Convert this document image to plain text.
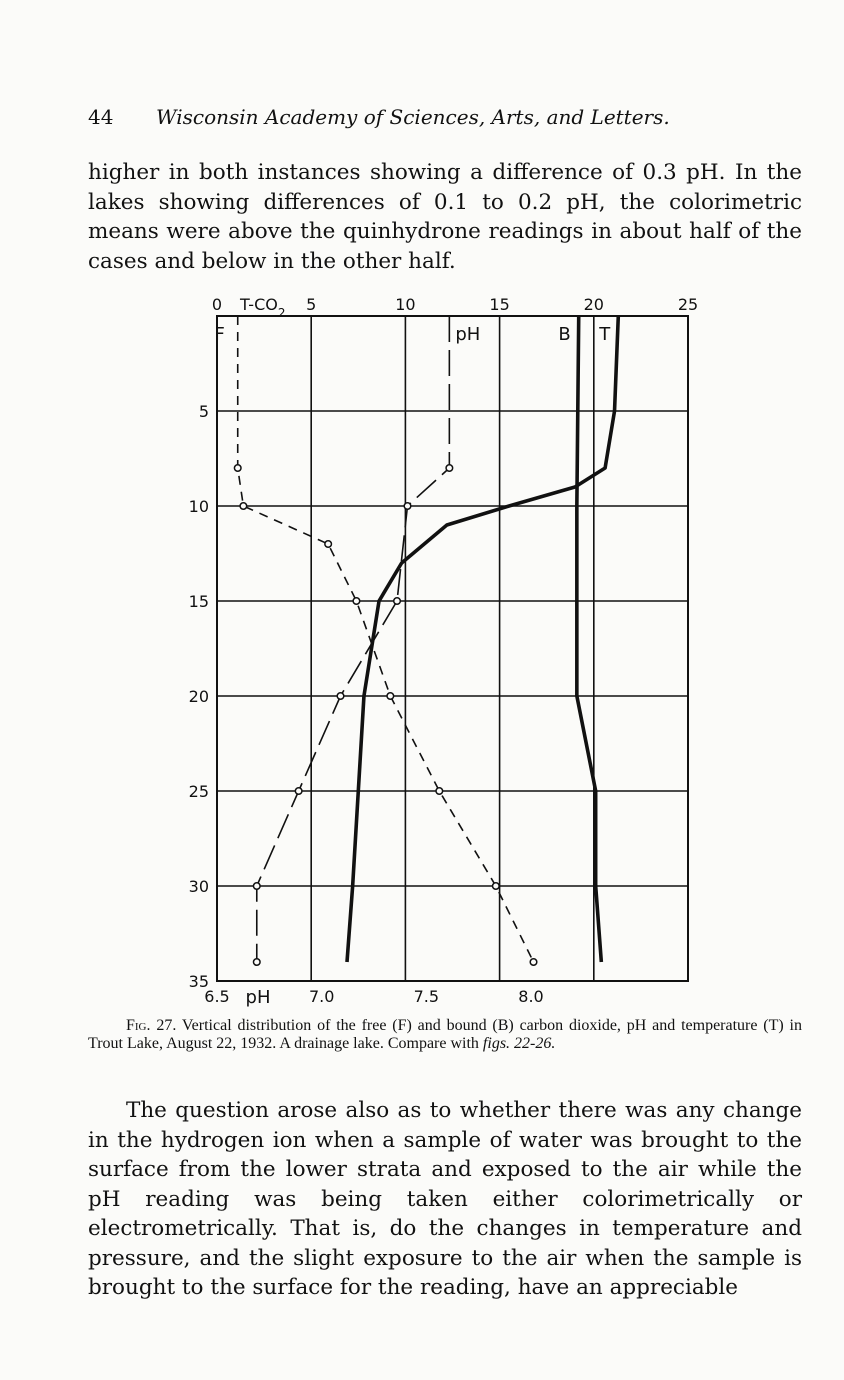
44 Wisconsin Academy of Sciences, Arts, and Letters.
higher in both instances showing a difference of 0.3 pH. In the lakes showing differences of 0.1 to 0.2 pH, the colorimetric means were above the quinhydrone readings in about half of the cases and below in the other half.
0	5	10	15	20	25
$T-CO_2$
5
10
15
20
25
30
35
6.5	7.0	7.5	8.0
pH
F	pH	B T
Fig. 27. Vertical distribution of the free (F) and bound (B) carbon dioxide, pH and temperature (T) in Trout Lake, August 22, 1932. A drainage lake. Compare with figs. 22-26.
The question arose also as to whether there was any change in the hydrogen ion when a sample of water was brought to the surface from the lower strata and exposed to the air while the pH reading was being taken either colorimetrically or electrometrically. That is, do the changes in temperature and pressure, and the slight exposure to the air when the sample is brought to the surface for the reading, have an appreciable
